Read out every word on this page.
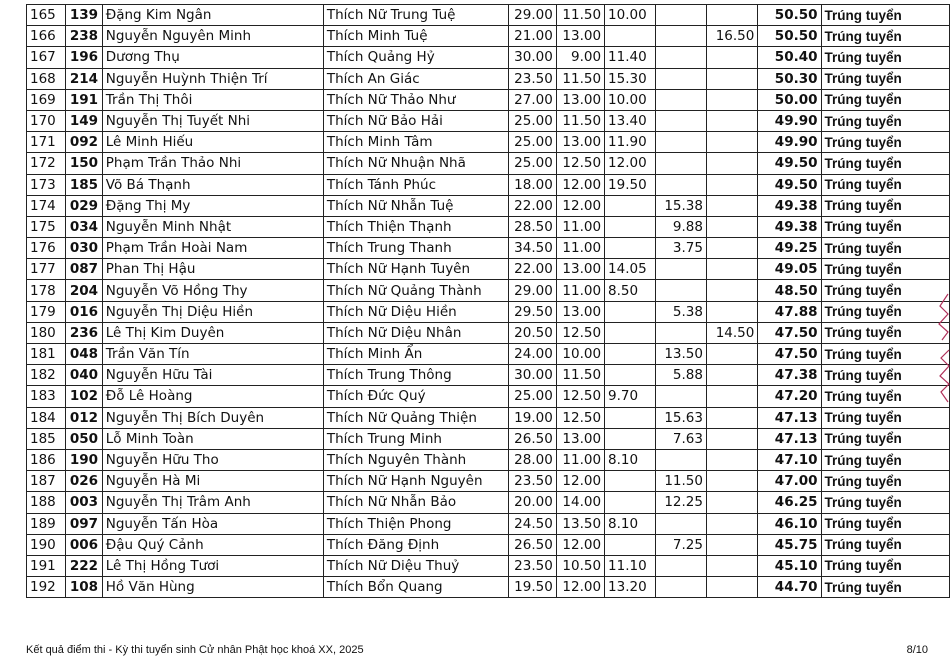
165	139	Đặng Kim Ngân	Thích Nữ Trung Tuệ	29.00	11.50	10.00			50.50	Trúng tuyển
166	238	Nguyễn Nguyên Minh	Thích Minh Tuệ	21.00	13.00			16.50	50.50	Trúng tuyển
167	196	Dương Thụ	Thích Quảng Hỷ	30.00	9.00	11.40			50.40	Trúng tuyển
168	214	Nguyễn Huỳnh Thiện Trí	Thích An Giác	23.50	11.50	15.30			50.30	Trúng tuyển
169	191	Trần Thị Thôi	Thích Nữ Thảo Như	27.00	13.00	10.00			50.00	Trúng tuyển
170	149	Nguyễn Thị Tuyết Nhi	Thích Nữ Bảo Hải	25.00	11.50	13.40			49.90	Trúng tuyển
171	092	Lê Minh Hiếu	Thích Minh Tâm	25.00	13.00	11.90			49.90	Trúng tuyển
172	150	Phạm Trần Thảo Nhi	Thích Nữ Nhuận Nhã	25.00	12.50	12.00			49.50	Trúng tuyển
173	185	Võ Bá Thạnh	Thích Tánh Phúc	18.00	12.00	19.50			49.50	Trúng tuyển
174	029	Đặng Thị My	Thích Nữ Nhẫn Tuệ	22.00	12.00		15.38		49.38	Trúng tuyển
175	034	Nguyễn Minh Nhật	Thích Thiện Thạnh	28.50	11.00		9.88		49.38	Trúng tuyển
176	030	Phạm Trần Hoài Nam	Thích Trung Thanh	34.50	11.00		3.75		49.25	Trúng tuyển
177	087	Phan Thị Hậu	Thích Nữ Hạnh Tuyên	22.00	13.00	14.05			49.05	Trúng tuyển
178	204	Nguyễn Võ Hồng Thy	Thích Nữ Quảng Thành	29.00	11.00	8.50			48.50	Trúng tuyển
179	016	Nguyễn Thị Diệu Hiền	Thích Nữ Diệu Hiền	29.50	13.00		5.38		47.88	Trúng tuyển
180	236	Lê Thị Kim Duyên	Thích Nữ Diệu Nhân	20.50	12.50			14.50	47.50	Trúng tuyển
181	048	Trần Văn Tín	Thích Minh Ẩn	24.00	10.00		13.50		47.50	Trúng tuyển
182	040	Nguyễn Hữu Tài	Thích Trung Thông	30.00	11.50		5.88		47.38	Trúng tuyển
183	102	Đỗ Lê Hoàng	Thích Đức Quý	25.00	12.50	9.70			47.20	Trúng tuyển
184	012	Nguyễn Thị Bích Duyên	Thích Nữ Quảng Thiện	19.00	12.50		15.63		47.13	Trúng tuyển
185	050	Lỗ Minh Toàn	Thích Trung Minh	26.50	13.00		7.63		47.13	Trúng tuyển
186	190	Nguyễn Hữu Tho	Thích Nguyên Thành	28.00	11.00	8.10			47.10	Trúng tuyển
187	026	Nguyễn Hà Mi	Thích Nữ Hạnh Nguyên	23.50	12.00		11.50		47.00	Trúng tuyển
188	003	Nguyễn Thị Trâm Anh	Thích Nữ Nhẫn Bảo	20.00	14.00		12.25		46.25	Trúng tuyển
189	097	Nguyễn Tấn Hòa	Thích Thiện Phong	24.50	13.50	8.10			46.10	Trúng tuyển
190	006	Đậu Quý Cảnh	Thích Đăng Định	26.50	12.00		7.25		45.75	Trúng tuyển
191	222	Lê Thị Hồng Tươi	Thích Nữ Diệu Thuỷ	23.50	10.50	11.10			45.10	Trúng tuyển
192	108	Hồ Văn Hùng	Thích Bổn Quang	19.50	12.00	13.20			44.70	Trúng tuyển
Kết quả điểm thi - Kỳ thi tuyển sinh Cử nhân Phật học khoá XX, 2025	8/10
